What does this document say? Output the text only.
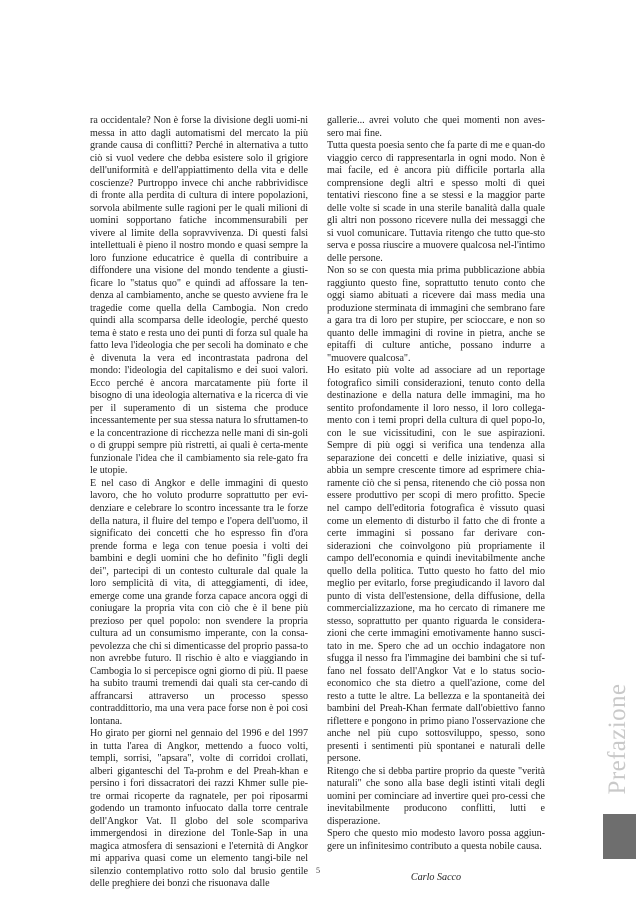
ra occidentale? Non è forse la divisione degli uomi-ni messa in atto dagli automatismi del mercato la più grande causa di conflitti? Perché in alternativa a tutto ciò si vuol vedere che debba esistere solo il grigiore dell'uniformità e dell'appiattimento della vita e delle coscienze? Purtroppo invece chi anche rabbrividisce di fronte alla perdita di cultura di intere popolazioni, sorvola abilmente sulle ragioni per le quali milioni di uomini sopportano fatiche incommensurabili per vivere al limite della sopravvivenza. Di questi falsi intellettuali è pieno il nostro mondo e quasi sempre la loro funzione educatrice è quella di contribuire a diffondere una visione del mondo tendente a giusti-ficare lo "status quo" e quindi ad affossare la ten-denza al cambiamento, anche se questo avviene fra le tragedie come quella della Cambogia. Non credo quindi alla scomparsa delle ideologie, perché questo tema è stato e resta uno dei punti di forza sul quale ha fatto leva l'ideologia che per secoli ha dominato e che è divenuta la vera ed incontrastata padrona del mondo: l'ideologia del capitalismo e dei suoi valori. Ecco perché è ancora marcatamente più forte il bisogno di una ideologia alternativa e la ricerca di vie per il superamento di un sistema che produce incessantemente per sua stessa natura lo sfruttamen-to e la concentrazione di ricchezza nelle mani di sin-goli o di gruppi sempre più ristretti, ai quali è certa-mente funzionale l'idea che il cambiamento sia rele-gato fra le utopie.

E nel caso di Angkor e delle immagini di questo lavoro, che ho voluto produrre soprattutto per evi-denziare e celebrare lo scontro incessante tra le forze della natura, il fluire del tempo e l'opera dell'uomo, il significato dei concetti che ho espresso fin d'ora prende forma e lega con tenue poesia i volti dei bambini e degli uomini che ho definito "figli degli dei", partecipi di un contesto culturale dal quale la loro semplicità di vita, di atteggiamenti, di idee, emerge come una grande forza capace ancora oggi di coniugare la propria vita con ciò che è il bene più prezioso per quel popolo: non svendere la propria cultura ad un consumismo imperante, con la consa-pevolezza che chi si dimenticasse del proprio passa-to non avrebbe futuro. Il rischio è alto e viaggiando in Cambogia lo si percepisce ogni giorno di più. Il paese ha subito traumi tremendi dai quali sta cer-cando di affrancarsi attraverso un processo spesso contraddittorio, ma una vera pace forse non è poi così lontana.

Ho girato per giorni nel gennaio del 1996 e del 1997 in tutta l'area di Angkor, mettendo a fuoco volti, templi, sorrisi, "apsara", volte di corridoi crollati, alberi giganteschi del Ta-prohm e del Preah-khan e persino i fori dissacratori dei razzi Khmer sulle pie-tre ormai ricoperte da ragnatele, per poi riposarmi godendo un tramonto infuocato dalla torre centrale dell'Angkor Vat. Il globo del sole scompariva immergendosi in direzione del Tonle-Sap in una magica atmosfera di sensazioni e l'eternità di Angkor mi appariva quasi come un elemento tangi-bile nel silenzio contemplativo rotto solo dal brusio gentile delle preghiere dei bonzi che risuonava dalle

gallerie... avrei voluto che quei momenti non aves-sero mai fine.

Tutta questa poesia sento che fa parte di me e quan-do viaggio cerco di rappresentarla in ogni modo. Non è mai facile, ed è ancora più difficile portarla alla comprensione degli altri e spesso molti di quei tentativi riescono fine a se stessi e la maggior parte delle volte si scade in una sterile banalità dalla quale gli altri non possono ricevere nulla dei messaggi che si vuol comunicare. Tuttavia ritengo che tutto que-sto serva e possa riuscire a muovere qualcosa nel-l'intimo delle persone.

Non so se con questa mia prima pubblicazione abbia raggiunto questo fine, soprattutto tenuto conto che oggi siamo abituati a ricevere dai mass media una produzione sterminata di immagini che sembrano fare a gara tra di loro per stupire, per scioccare, e non so quanto delle immagini di rovine in pietra, anche se epitaffi di culture antiche, possano indurre a "muovere qualcosa".

Ho esitato più volte ad associare ad un reportage fotografico simili considerazioni, tenuto conto della destinazione e della natura delle immagini, ma ho sentito profondamente il loro nesso, il loro collega-mento con i temi propri della cultura di quel popo-lo, con le sue vicissitudini, con le sue aspirazioni. Sempre di più oggi si verifica una tendenza alla separazione dei concetti e delle iniziative, quasi si abbia un sempre crescente timore ad esprimere chia-ramente ciò che si pensa, ritenendo che ciò possa non essere produttivo per scopi di mero profitto. Specie nel campo dell'editoria fotografica è vissuto quasi come un elemento di disturbo il fatto che di fronte a certe immagini si possano far derivare con-siderazioni che coinvolgono più propriamente il campo dell'economia e quindi inevitabilmente anche quello della politica. Tutto questo ho fatto del mio meglio per evitarlo, forse pregiudicando il lavoro dal punto di vista dell'estensione, della diffusione, della commercializzazione, ma ho cercato di rimanere me stesso, soprattutto per quanto riguarda le considera-zioni che certe immagini emotivamente hanno susci-tato in me. Spero che ad un occhio indagatore non sfugga il nesso fra l'immagine dei bambini che si tuf-fano nel fossato dell'Angkor Vat e lo status socio-economico che sta dietro a quell'azione, come del resto a tutte le altre. La bellezza e la spontaneità dei bambini del Preah-Khan fermate dall'obiettivo fanno riflettere e pongono in primo piano l'osservazione che anche nel più cupo sottosviluppo, spesso, sono presenti i sentimenti più spontanei e naturali delle persone.

Ritengo che si debba partire proprio da queste "verità naturali" che sono alla base degli istinti vitali degli uomini per cominciare ad invertire quei pro-cessi che inevitabilmente producono conflitti, lutti e disperazione.

Spero che questo mio modesto lavoro possa aggiun-gere un infinitesimo contributo a questa nobile causa.

Carlo Sacco
Prefazione
5
